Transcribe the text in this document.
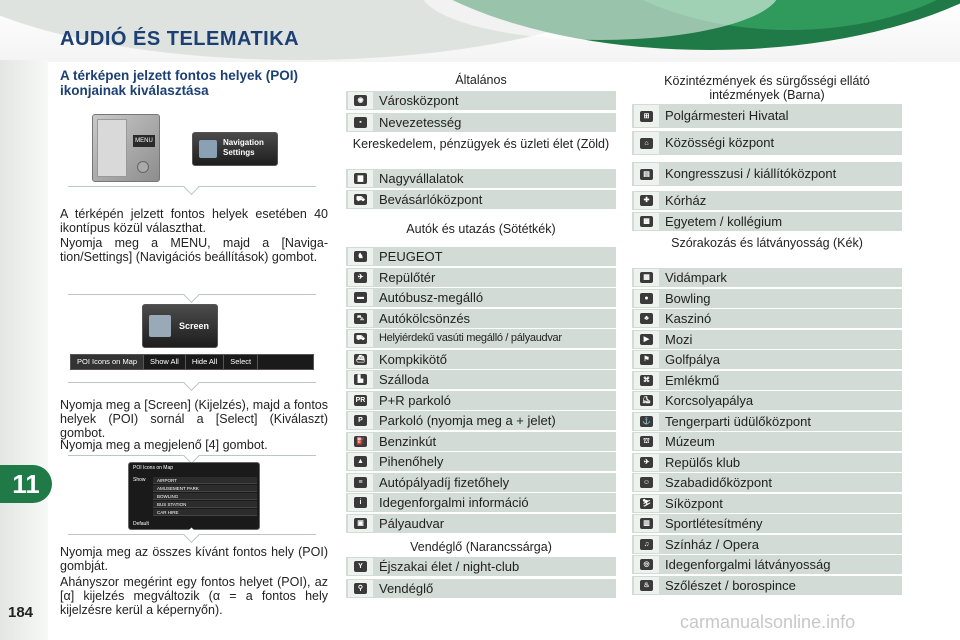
AUDIÓ ÉS TELEMATIKA
11
184
A térképen jelzett fontos helyek (POI) ikonjainak kiválasztása
MENU	Navigation
Settings
A térképén jelzett fontos helyek esetében 40 ikontípus közül választhat.
Nyomja meg a MENU, majd a [Naviga-tion/Settings] (Navigációs beállítások) gombot.
Screen
POI Icons on Map	Show All	Hide All	Select
Nyomja meg a [Screen] (Kijelzés), majd a fontos helyek (POI) sornál a [Select] (Kiválaszt) gombot.
Nyomja meg a megjelenő [4] gombot.
POI Icons on Map
Show	AIRPORT
AMUSEMENT PARK
BOWLING
BUS STATION
CAR HIRE
Default
Nyomja meg az összes kívánt fontos hely (POI) gombját.
Ahányszor megérint egy fontos helyet (POI), az [α] kijelzés megváltozik (α = a fontos hely kijelzésre kerül a képernyőn).
Általános
◉ Városközpont
▪	Nevezetesség
Kereskedelem, pénzügyek és üzleti élet (Zöld)
▆ Nagyvállalatok
⛟ Bevásárlóközpont
Autók és utazás (Sötétkék)
♞ PEUGEOT
✈ Repülőtér
▬ Autóbusz-megálló
⛍ Autókölcsönzés
⛟ Helyiérdekű vasúti megálló / pályaudvar
⛴ Kompkikötő
▙ Szálloda
PR P+R parkoló
P	Parkoló (nyomja meg a + jelet)
⛽ Benzinkút
▲ Pihenőhely
≡	Autópályadíj fizetőhely
i	Idegenforgalmi információ
▣ Pályaudvar
Vendéglő (Narancssárga)
Y	Éjszakai élet / night-club
⚲	Vendéglő
Közintézmények és sürgősségi ellátó intézmények (Barna)
⊞ Polgármesteri Hivatal
⌂	Közösségi központ
▤ Kongresszusi / kiállítóközpont
✚ Kórház
▩ Egyetem / kollégium
Szórakozás és látványosság (Kék)
▦ Vidámpark
●	Bowling
♣	Kaszinó
▶ Mozi
⚑ Golfpálya
⌘ Emlékmű
⛸ Korcsolyapálya
⚓ Tengerparti üdülőközpont
⛫ Múzeum
✈ Repülős klub
☺ Szabadidőközpont
⛷ Síközpont
▥ Sportlétesítmény
♫ Színház / Opera
◎ Idegenforgalmi látványosság
♨ Szőlészet / borospince
carmanualsonline.info
